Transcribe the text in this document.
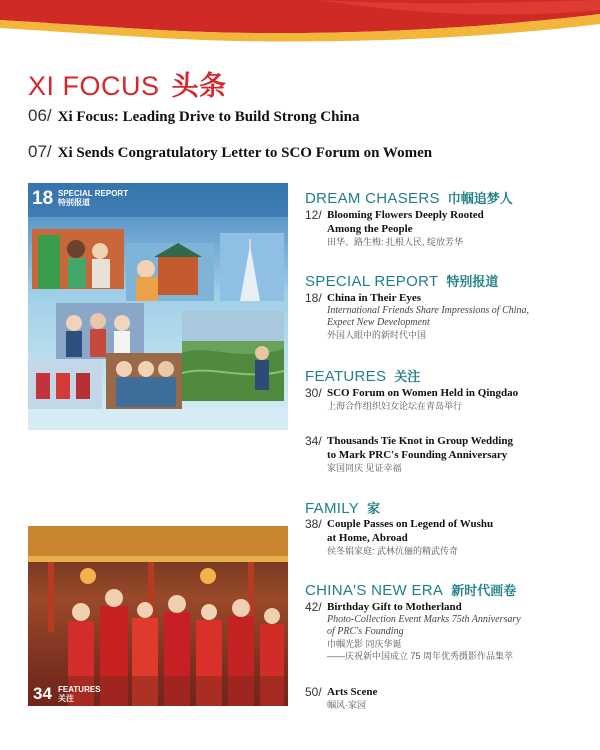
XI FOCUS 头条
06/ Xi Focus: Leading Drive to Build Strong China
07/ Xi Sends Congratulatory Letter to SCO Forum on Women
18 SPECIAL REPORT
特别报道
34 FEATURES
关注
DREAM CHASERS 巾帼追梦人
12/ Blooming Flowers Deeply Rooted
Among the People
田华、路生梅: 扎根人民, 绽放芳华
SPECIAL REPORT 特别报道
18/ China in Their Eyes
International Friends Share Impressions of China,
Expect New Development
外国人眼中的新时代中国
FEATURES 关注
30/ SCO Forum on Women Held in Qingdao
上海合作组织妇女论坛在青岛举行
34/ Thousands Tie Knot in Group Wedding
to Mark PRC's Founding Anniversary
家国同庆 见证幸福
FAMILY 家
38/ Couple Passes on Legend of Wushu
at Home, Abroad
侯冬娟家庭: 武林伉俪的精武传奇
CHINA'S NEW ERA 新时代画卷
42/ Birthday Gift to Motherland
Photo-Collection Event Marks 75th Anniversary
of PRC's Founding
巾帼光影 同庆华诞
——庆祝新中国成立 75 周年优秀摄影作品集萃
50/ Arts Scene
帼风·家园
